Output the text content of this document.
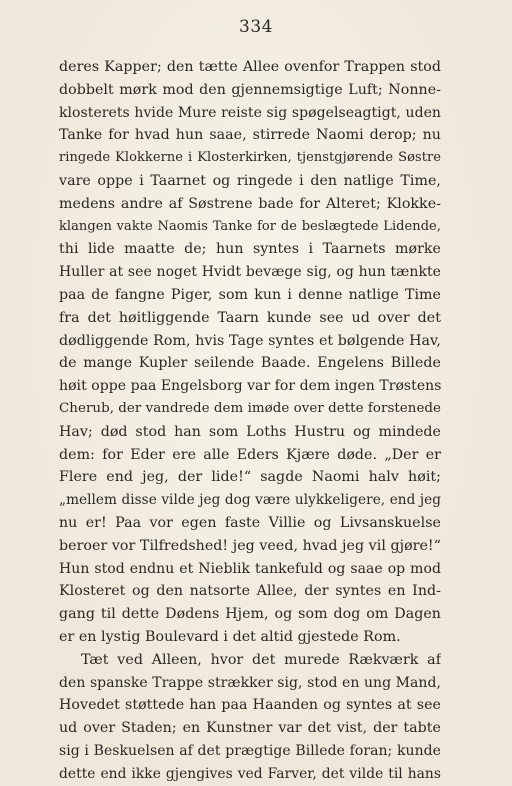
334
deres Kapper; den tætte Allee ovenfor Trappen stod
dobbelt mørk mod den gjennemsigtige Luft; Nonne-
klosterets hvide Mure reiste sig spøgelseagtigt, uden
Tanke for hvad hun saae, stirrede Naomi derop; nu
ringede Klokkerne i Klosterkirken, tjenstgjørende Søstre
vare oppe i Taarnet og ringede i den natlige Time,
medens andre af Søstrene bade for Alteret; Klokke-
klangen vakte Naomis Tanke for de beslægtede Lidende,
thi lide maatte de; hun syntes i Taarnets mørke
Huller at see noget Hvidt bevæge sig, og hun tænkte
paa de fangne Piger, som kun i denne natlige Time
fra det høitliggende Taarn kunde see ud over det
dødliggende Rom, hvis Tage syntes et bølgende Hav,
de mange Kupler seilende Baade. Engelens Billede
høit oppe paa Engelsborg var for dem ingen Trøstens
Cherub, der vandrede dem imøde over dette forstenede
Hav; død stod han som Loths Hustru og mindede
dem: for Eder ere alle Eders Kjære døde. „Der er
Flere end jeg, der lide!“ sagde Naomi halv høit;
„mellem disse vilde jeg dog være ulykkeligere, end jeg
nu er! Paa vor egen faste Villie og Livsanskuelse
beroer vor Tilfredshed! jeg veed, hvad jeg vil gjøre!“
Hun stod endnu et Nieblik tankefuld og saae op mod
Klosteret og den natsorte Allee, der syntes en Ind-
gang til dette Dødens Hjem, og som dog om Dagen
er en lystig Boulevard i det altid gjestede Rom.
Tæt ved Alleen, hvor det murede Rækværk af
den spanske Trappe strækker sig, stod en ung Mand,
Hovedet støttede han paa Haanden og syntes at see
ud over Staden; en Kunstner var det vist, der tabte
sig i Beskuelsen af det prægtige Billede foran; kunde
dette end ikke gjengives ved Farver, det vilde til hans
